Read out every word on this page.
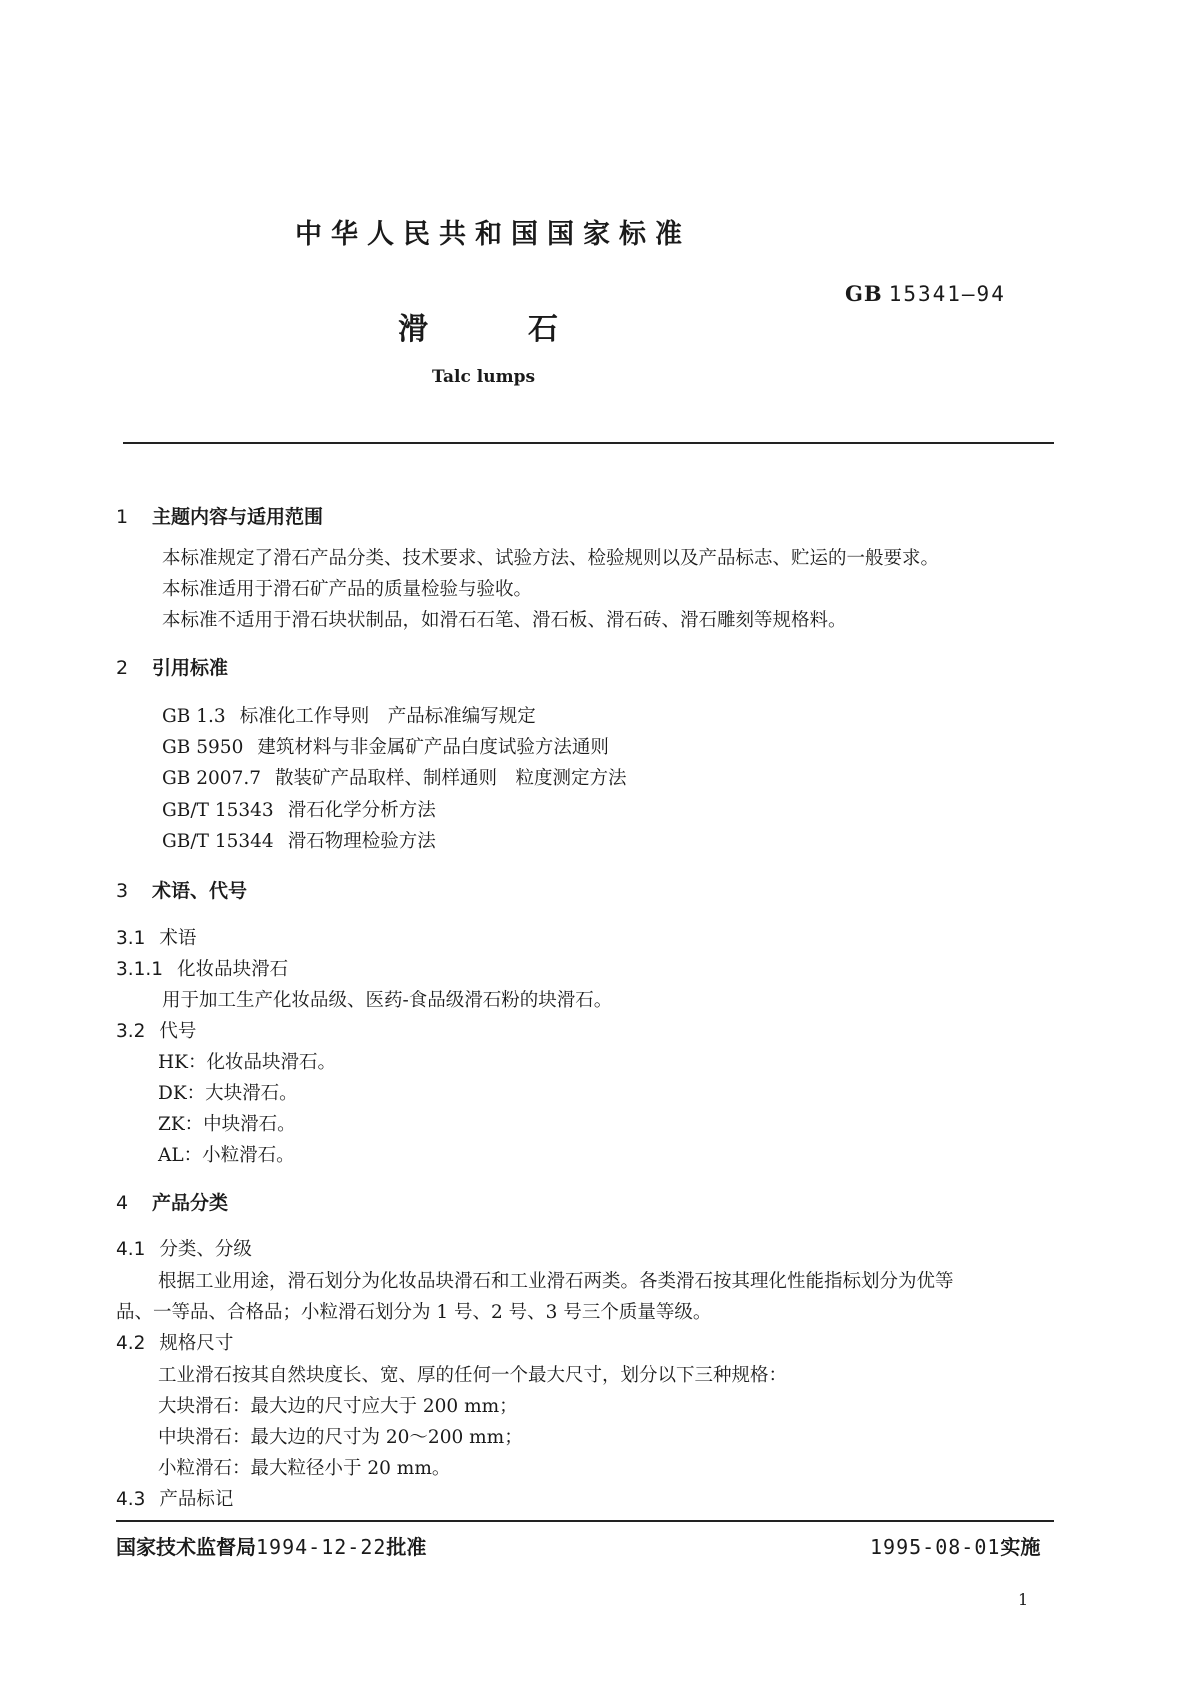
中华人民共和国国家标准
GB 15341—94
滑	石
Talc lumps
1 主题内容与适用范围
本标准规定了滑石产品分类、技术要求、试验方法、检验规则以及产品标志、贮运的一般要求。
本标准适用于滑石矿产品的质量检验与验收。
本标准不适用于滑石块状制品，如滑石石笔、滑石板、滑石砖、滑石雕刻等规格料。
2 引用标准
GB 1.3 标准化工作导则　产品标准编写规定
GB 5950 建筑材料与非金属矿产品白度试验方法通则
GB 2007.7 散装矿产品取样、制样通则　粒度测定方法
GB/T 15343 滑石化学分析方法
GB/T 15344 滑石物理检验方法
3 术语、代号
3.1 术语
3.1.1 化妆品块滑石
用于加工生产化妆品级、医药-食品级滑石粉的块滑石。
3.2 代号
HK：化妆品块滑石。
DK：大块滑石。
ZK：中块滑石。
AL：小粒滑石。
4 产品分类
4.1 分类、分级
根据工业用途，滑石划分为化妆品块滑石和工业滑石两类。各类滑石按其理化性能指标划分为优等
品、一等品、合格品；小粒滑石划分为 1 号、2 号、3 号三个质量等级。
4.2 规格尺寸
工业滑石按其自然块度长、宽、厚的任何一个最大尺寸，划分以下三种规格：
大块滑石：最大边的尺寸应大于 200 mm；
中块滑石：最大边的尺寸为 20～200 mm；
小粒滑石：最大粒径小于 20 mm。
4.3 产品标记
国家技术监督局1994-12-22批准	1995-08-01实施
1
